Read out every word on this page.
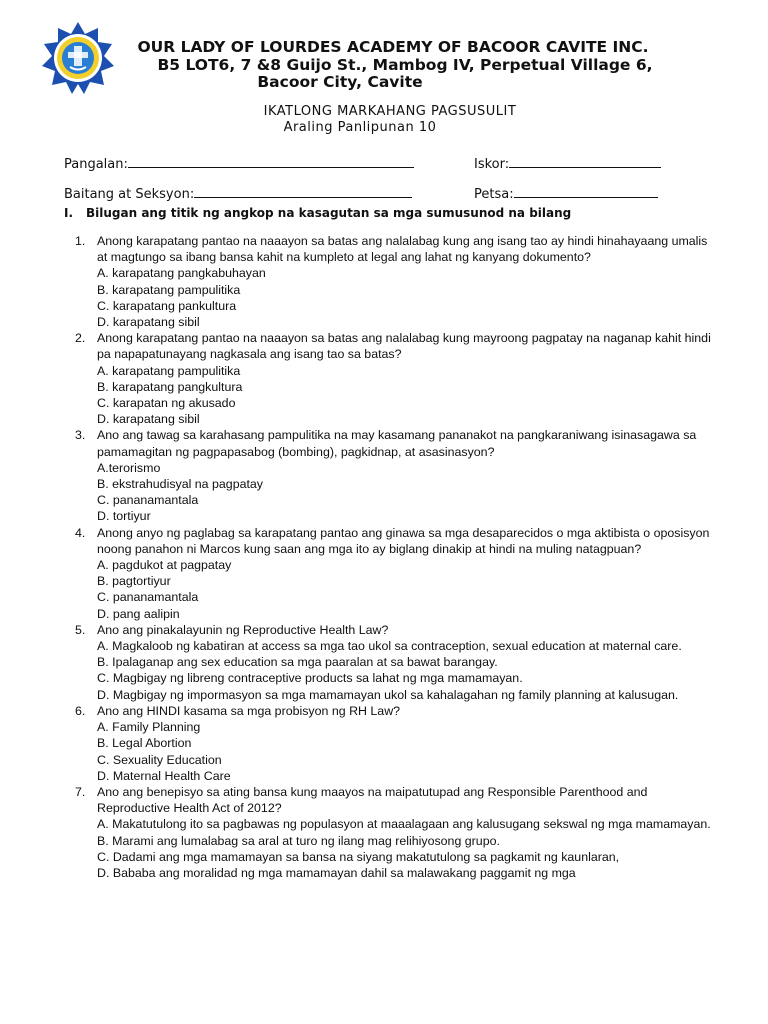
OUR LADY OF LOURDES ACADEMY OF BACOOR CAVITE INC.
B5 LOT6, 7 &8 Guijo St., Mambog IV, Perpetual Village 6,
Bacoor City, Cavite
IKATLONG MARKAHANG PAGSUSULIT
Araling Panlipunan 10
Pangalan:	Iskor:
Baitang at Seksyon:	Petsa:
I. Bilugan ang titik ng angkop na kasagutan sa mga sumusunod na bilang
1. Anong karapatang pantao na naaayon sa batas ang nalalabag kung ang isang tao ay hindi hinahayaang umalis at magtungo sa ibang bansa kahit na kumpleto at legal ang lahat ng kanyang dokumento?
A. karapatang pangkabuhayan
B. karapatang pampulitika
C. karapatang pankultura
D. karapatang sibil
2. Anong karapatang pantao na naaayon sa batas ang nalalabag kung mayroong pagpatay na naganap kahit hindi pa napapatunayang nagkasala ang isang tao sa batas?
A. karapatang pampulitika
B. karapatang pangkultura
C. karapatan ng akusado
D. karapatang sibil
3. Ano ang tawag sa karahasang pampulitika na may kasamang pananakot na pangkaraniwang isinasagawa sa pamamagitan ng pagpapasabog (bombing), pagkidnap, at asasinasyon?
A.terorismo
B. ekstrahudisyal na pagpatay
C. pananamantala
D. tortiyur
4. Anong anyo ng paglabag sa karapatang pantao ang ginawa sa mga desaparecidos o mga aktibista o oposisyon noong panahon ni Marcos kung saan ang mga ito ay biglang dinakip at hindi na muling natagpuan?
A. pagdukot at pagpatay
B. pagtortiyur
C. pananamantala
D. pang aalipin
5. Ano ang pinakalayunin ng Reproductive Health Law?
A. Magkaloob ng kabatiran at access sa mga tao ukol sa contraception, sexual education at maternal care.
B. Ipalaganap ang sex education sa mga paaralan at sa bawat barangay.
C. Magbigay ng libreng contraceptive products sa lahat ng mga mamamayan.
D. Magbigay ng impormasyon sa mga mamamayan ukol sa kahalagahan ng family planning at kalusugan.
6. Ano ang HINDI kasama sa mga probisyon ng RH Law?
A. Family Planning
B. Legal Abortion
C. Sexuality Education
D. Maternal Health Care
7. Ano ang benepisyo sa ating bansa kung maayos na maipatutupad ang Responsible Parenthood and Reproductive Health Act of 2012?
A. Makatutulong ito sa pagbawas ng populasyon at maaalagaan ang kalusugang sekswal ng mga mamamayan.
B. Marami ang lumalabag sa aral at turo ng ilang mag relihiyosong grupo.
C. Dadami ang mga mamamayan sa bansa na siyang makatutulong sa pagkamit ng kaunlaran,
D. Bababa ang moralidad ng mga mamamayan dahil sa malawakang paggamit ng mga
